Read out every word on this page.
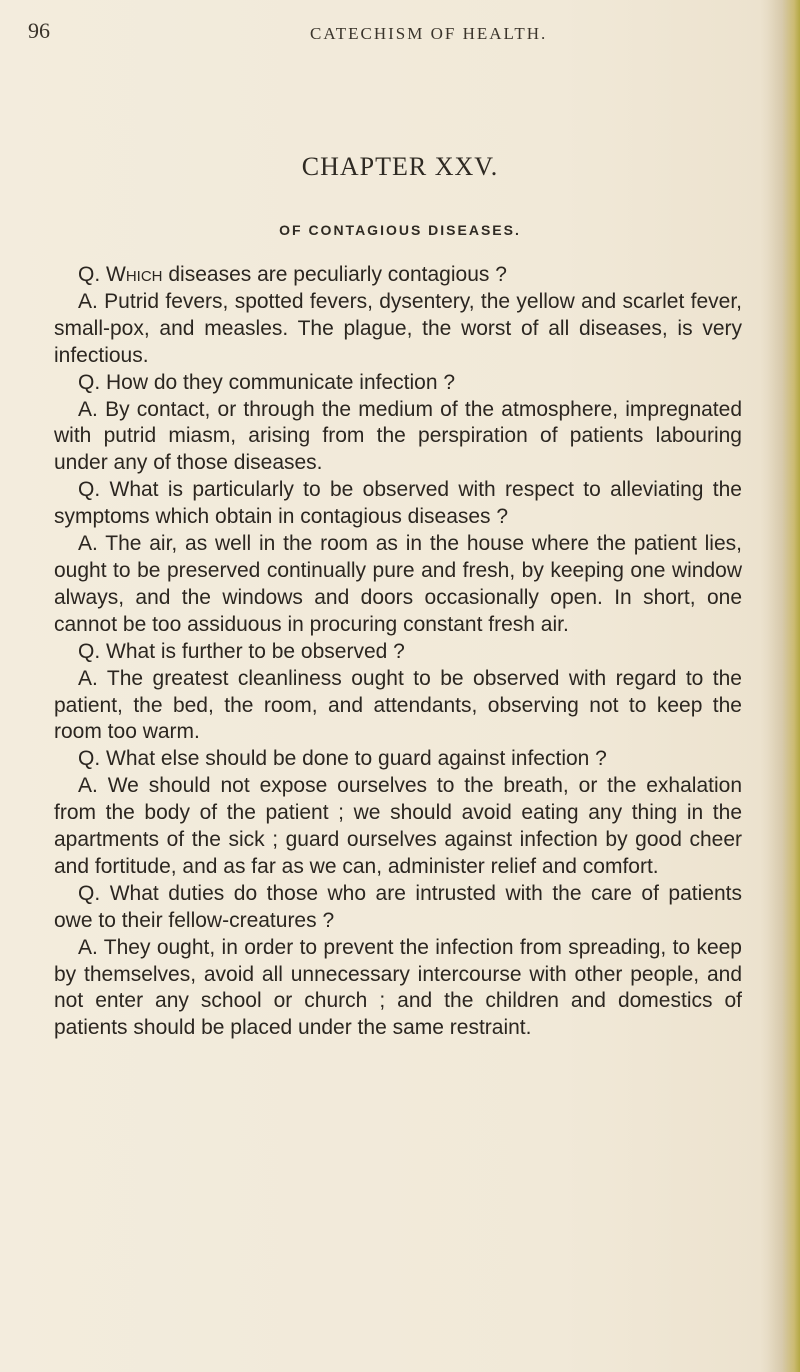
96	CATECHISM OF HEALTH.
CHAPTER XXV.
OF CONTAGIOUS DISEASES.

Q. Which diseases are peculiarly contagious ?

A. Putrid fevers, spotted fevers, dysentery, the yellow and scarlet fever, small-pox, and measles. The plague, the worst of all diseases, is very infectious.

Q. How do they communicate infection ?

A. By contact, or through the medium of the atmosphere, impregnated with putrid miasm, arising from the perspiration of patients labouring under any of those diseases.

Q. What is particularly to be observed with respect to alleviating the symptoms which obtain in contagious diseases ?

A. The air, as well in the room as in the house where the patient lies, ought to be preserved continually pure and fresh, by keeping one window always, and the windows and doors occasionally open. In short, one cannot be too assiduous in procuring constant fresh air.

Q. What is further to be observed ?

A. The greatest cleanliness ought to be observed with regard to the patient, the bed, the room, and attendants, observing not to keep the room too warm.

Q. What else should be done to guard against infection ?

A. We should not expose ourselves to the breath, or the exhalation from the body of the patient ; we should avoid eating any thing in the apartments of the sick ; guard ourselves against infection by good cheer and fortitude, and as far as we can, administer relief and comfort.

Q. What duties do those who are intrusted with the care of patients owe to their fellow-creatures ?

A. They ought, in order to prevent the infection from spreading, to keep by themselves, avoid all unnecessary intercourse with other people, and not enter any school or church ; and the children and domestics of patients should be placed under the same restraint.
